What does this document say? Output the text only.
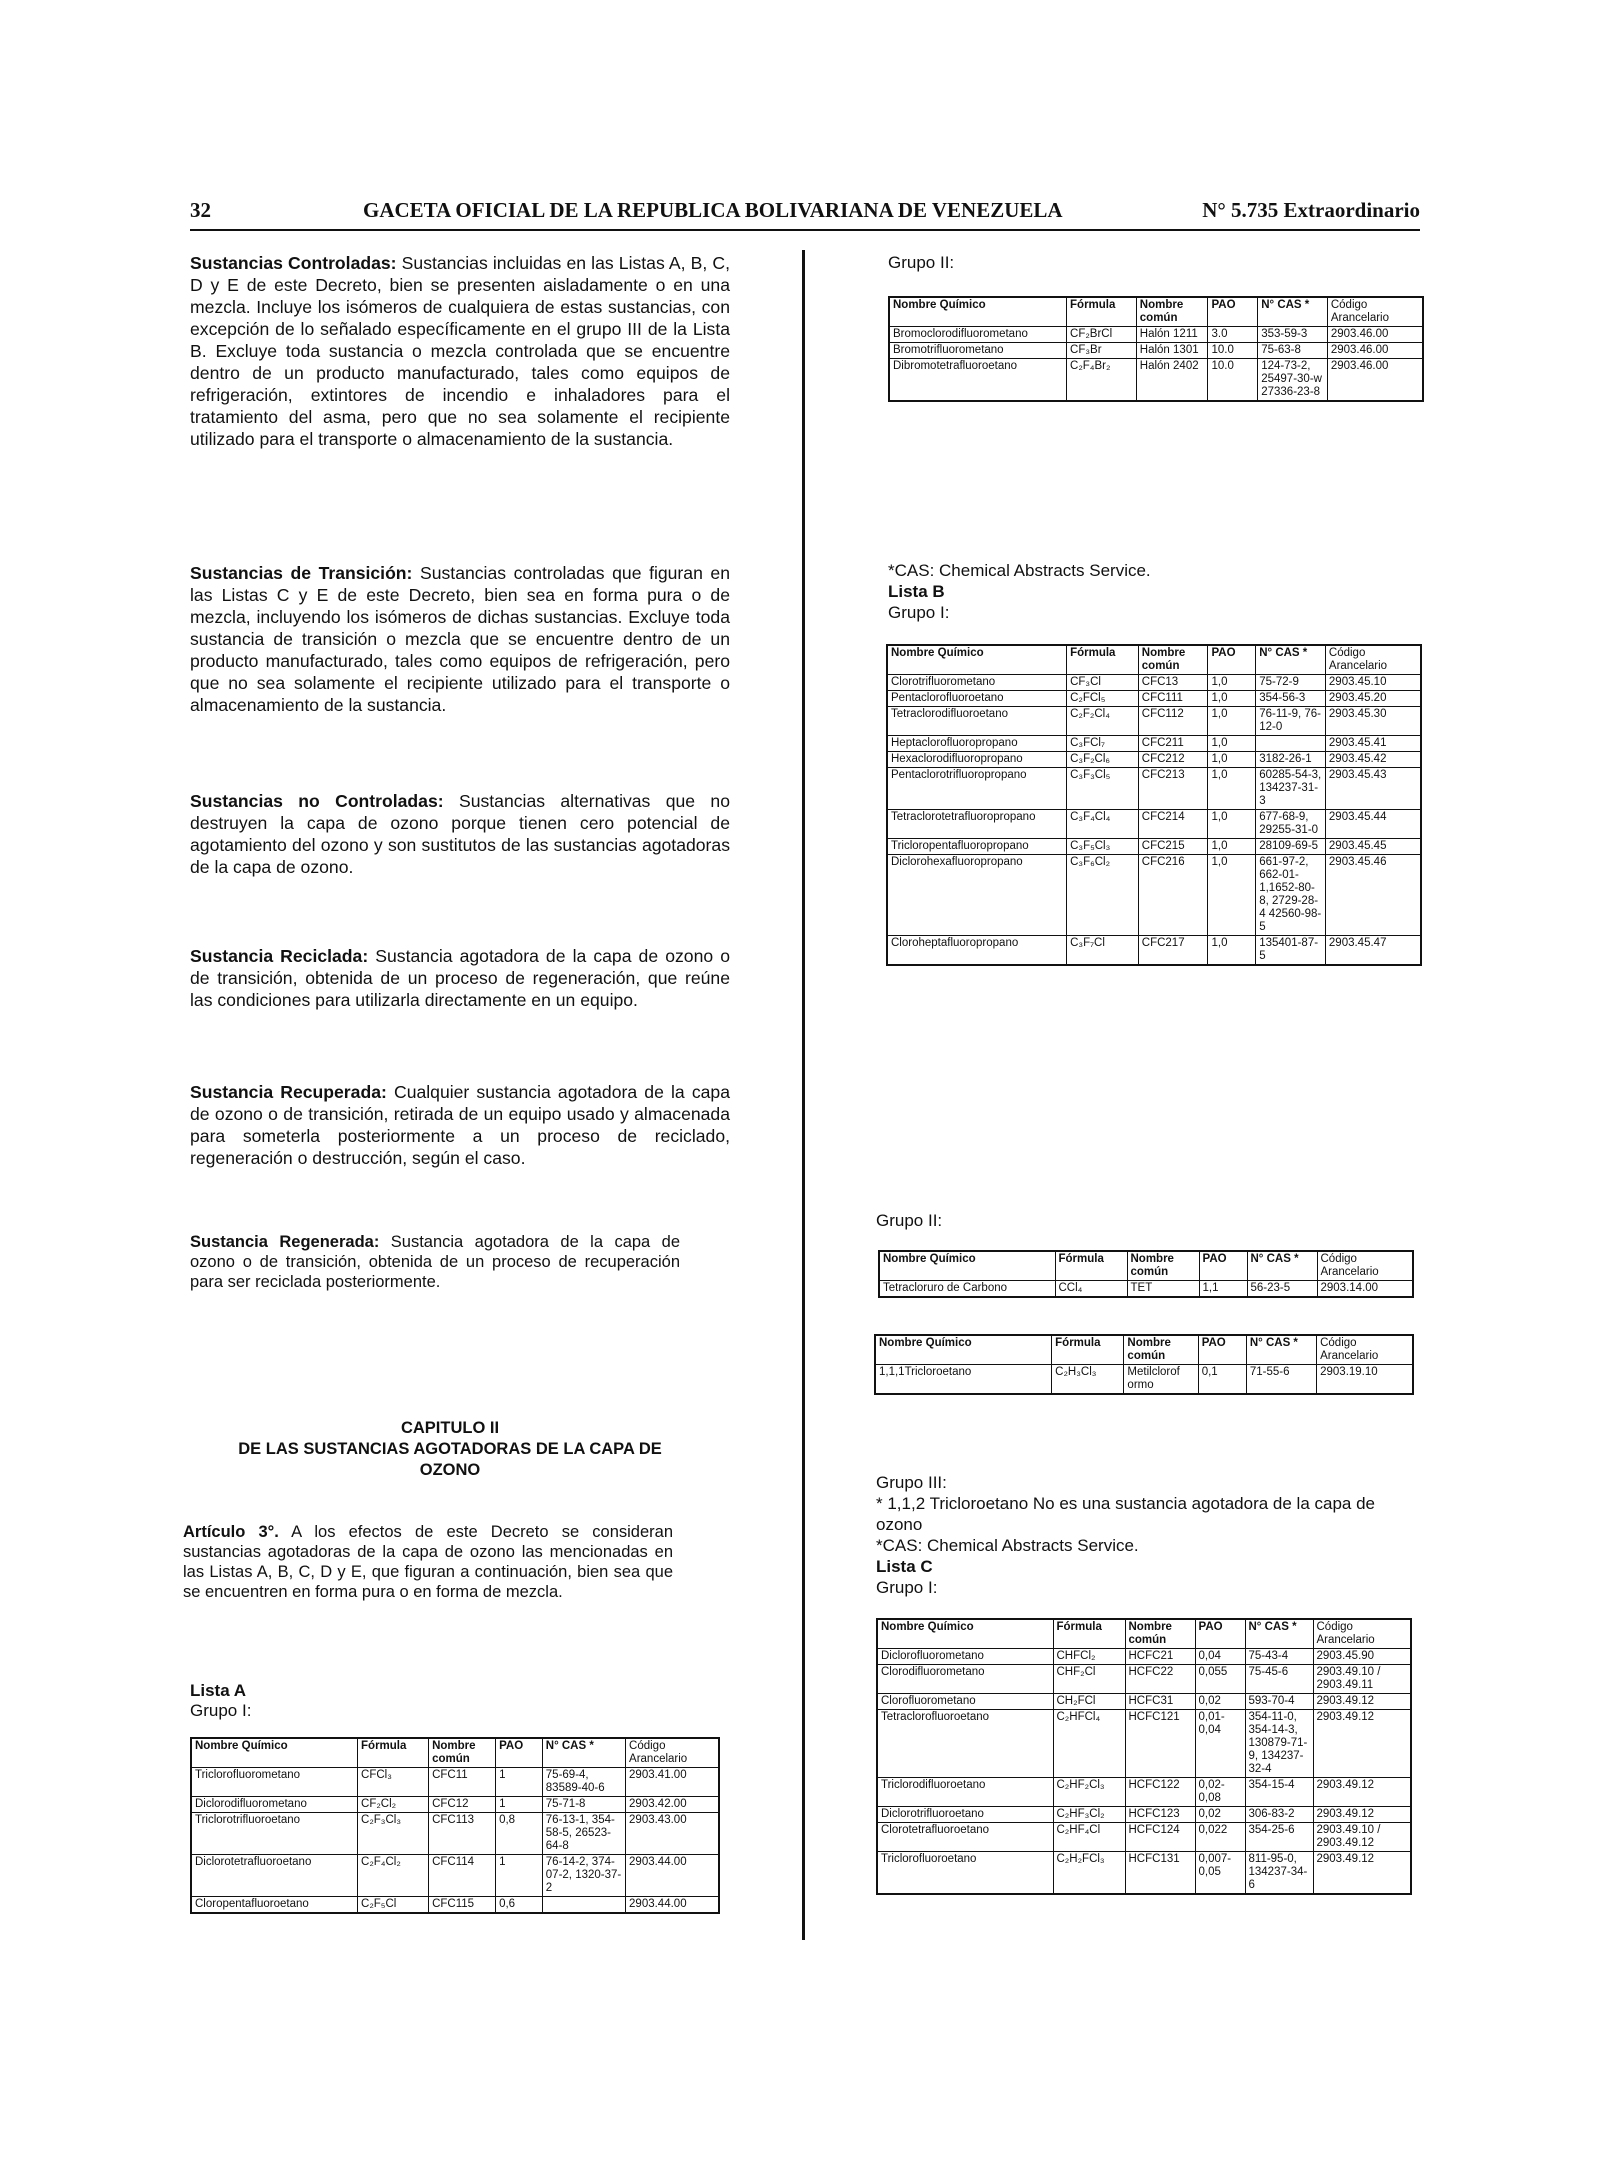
32	GACETA OFICIAL DE LA REPUBLICA BOLIVARIANA DE VENEZUELA	N° 5.735 Extraordinario
Sustancias Controladas: Sustancias incluidas en las Listas A, B, C, D y E de este Decreto, bien se presenten aisladamente o en una mezcla. Incluye los isómeros de cualquiera de estas sustancias, con excepción de lo señalado específicamente en el grupo III de la Lista B. Excluye toda sustancia o mezcla controlada que se encuentre dentro de un producto manufacturado, tales como equipos de refrigeración, extintores de incendio e inhaladores para el tratamiento del asma, pero que no sea solamente el recipiente utilizado para el transporte o almacenamiento de la sustancia.
Sustancias de Transición: Sustancias controladas que figuran en las Listas C y E de este Decreto, bien sea en forma pura o de mezcla, incluyendo los isómeros de dichas sustancias. Excluye toda sustancia de transición o mezcla que se encuentre dentro de un producto manufacturado, tales como equipos de refrigeración, pero que no sea solamente el recipiente utilizado para el transporte o almacenamiento de la sustancia.
Sustancias no Controladas: Sustancias alternativas que no destruyen la capa de ozono porque tienen cero potencial de agotamiento del ozono y son sustitutos de las sustancias agotadoras de la capa de ozono.
Sustancia Reciclada: Sustancia agotadora de la capa de ozono o de transición, obtenida de un proceso de regeneración, que reúne las condiciones para utilizarla directamente en un equipo.
Sustancia Recuperada: Cualquier sustancia agotadora de la capa de ozono o de transición, retirada de un equipo usado y almacenada para someterla posteriormente a un proceso de reciclado, regeneración o destrucción, según el caso.
Sustancia Regenerada: Sustancia agotadora de la capa de ozono o de transición, obtenida de un proceso de recuperación para ser reciclada posteriormente.
CAPITULO II
DE LAS SUSTANCIAS AGOTADORAS DE LA CAPA DE
OZONO
Artículo 3°. A los efectos de este Decreto se consideran sustancias agotadoras de la capa de ozono las mencionadas en las Listas A, B, C, D y E, que figuran a continuación, bien sea que se encuentren en forma pura o en forma de mezcla.
Lista A
Grupo I:
Nombre Químico	Fórmula	Nombre común	PAO	N° CAS *	Código Arancelario
Triclorofluorometano	CFCl₃	CFC11	1	75-69-4, 83589-40-6	2903.41.00
Diclorodifluorometano	CF₂Cl₂	CFC12	1	75-71-8	2903.42.00
Triclorotrifluoroetano	C₂F₃Cl₃	CFC113	0,8	76-13-1, 354-58-5, 26523-64-8	2903.43.00
Diclorotetrafluoroetano	C₂F₄Cl₂	CFC114	1	76-14-2, 374-07-2, 1320-37-2	2903.44.00
Cloropentafluoroetano	C₂F₅Cl	CFC115	0,6		2903.44.00
Grupo II:
Nombre Químico	Fórmula	Nombre común	PAO	N° CAS *	Código Arancelario
Bromoclorodifluorometano	CF₂BrCl	Halón 1211	3.0	353-59-3	2903.46.00
Bromotrifluorometano	CF₃Br	Halón 1301	10.0	75-63-8	2903.46.00
Dibromotetrafluoroetano	C₂F₄Br₂	Halón 2402	10.0	124-73-2, 25497-30-w 27336-23-8	2903.46.00
*CAS: Chemical Abstracts Service.
Lista B
Grupo I:
Nombre Químico	Fórmula	Nombre común	PAO	N° CAS *	Código Arancelario
Clorotrifluorometano	CF₃Cl	CFC13	1,0	75-72-9	2903.45.10
Pentaclorofluoroetano	C₂FCl₅	CFC111	1,0	354-56-3	2903.45.20
Tetraclorodifluoroetano	C₂F₂Cl₄	CFC112	1,0	76-11-9, 76-12-0	2903.45.30
Heptaclorofluoropropano	C₃FCl₇	CFC211	1,0		2903.45.41
Hexaclorodifluoropropano	C₃F₂Cl₆	CFC212	1,0	3182-26-1	2903.45.42
Pentaclorotrifluoropropano	C₃F₃Cl₅	CFC213	1,0	60285-54-3, 134237-31-3	2903.45.43
Tetraclorotetrafluoropropano	C₃F₄Cl₄	CFC214	1,0	677-68-9, 29255-31-0	2903.45.44
Tricloropentafluoropropano	C₃F₅Cl₃	CFC215	1,0	28109-69-5	2903.45.45
Diclorohexafluoropropano	C₃F₆Cl₂	CFC216	1,0	661-97-2, 662-01-1,1652-80-8, 2729-28-4 42560-98-5	2903.45.46
Cloroheptafluoropropano	C₃F₇Cl	CFC217	1,0	135401-87-5	2903.45.47
Grupo II:
Nombre Químico	Fórmula	Nombre común	PAO	N° CAS *	Código Arancelario
Tetracloruro de Carbono	CCl₄	TET	1,1	56-23-5	2903.14.00
Nombre Químico	Fórmula	Nombre común	PAO	N° CAS *	Código Arancelario
1,1,1Tricloroetano	C₂H₃Cl₃	Metilclorof ormo	0,1	71-55-6	2903.19.10
Grupo III:
* 1,1,2 Tricloroetano No es una sustancia agotadora de la capa de ozono
*CAS: Chemical Abstracts Service.
Lista C
Grupo I:
Nombre Químico	Fórmula	Nombre común	PAO	N° CAS *	Código Arancelario
Diclorofluorometano	CHFCl₂	HCFC21	0,04	75-43-4	2903.45.90
Clorodifluorometano	CHF₂Cl	HCFC22	0,055	75-45-6	2903.49.10 / 2903.49.11
Clorofluorometano	CH₂FCl	HCFC31	0,02	593-70-4	2903.49.12
Tetraclorofluoroetano	C₂HFCl₄	HCFC121	0,01-0,04	354-11-0, 354-14-3, 130879-71-9, 134237-32-4	2903.49.12
Triclorodifluoroetano	C₂HF₂Cl₃	HCFC122	0,02-0,08	354-15-4	2903.49.12
Diclorotrifluoroetano	C₂HF₃Cl₂	HCFC123	0,02	306-83-2	2903.49.12
Clorotetrafluoroetano	C₂HF₄Cl	HCFC124	0,022	354-25-6	2903.49.10 / 2903.49.12
Triclorofluoroetano	C₂H₂FCl₃	HCFC131	0,007-0,05	811-95-0, 134237-34-6	2903.49.12
